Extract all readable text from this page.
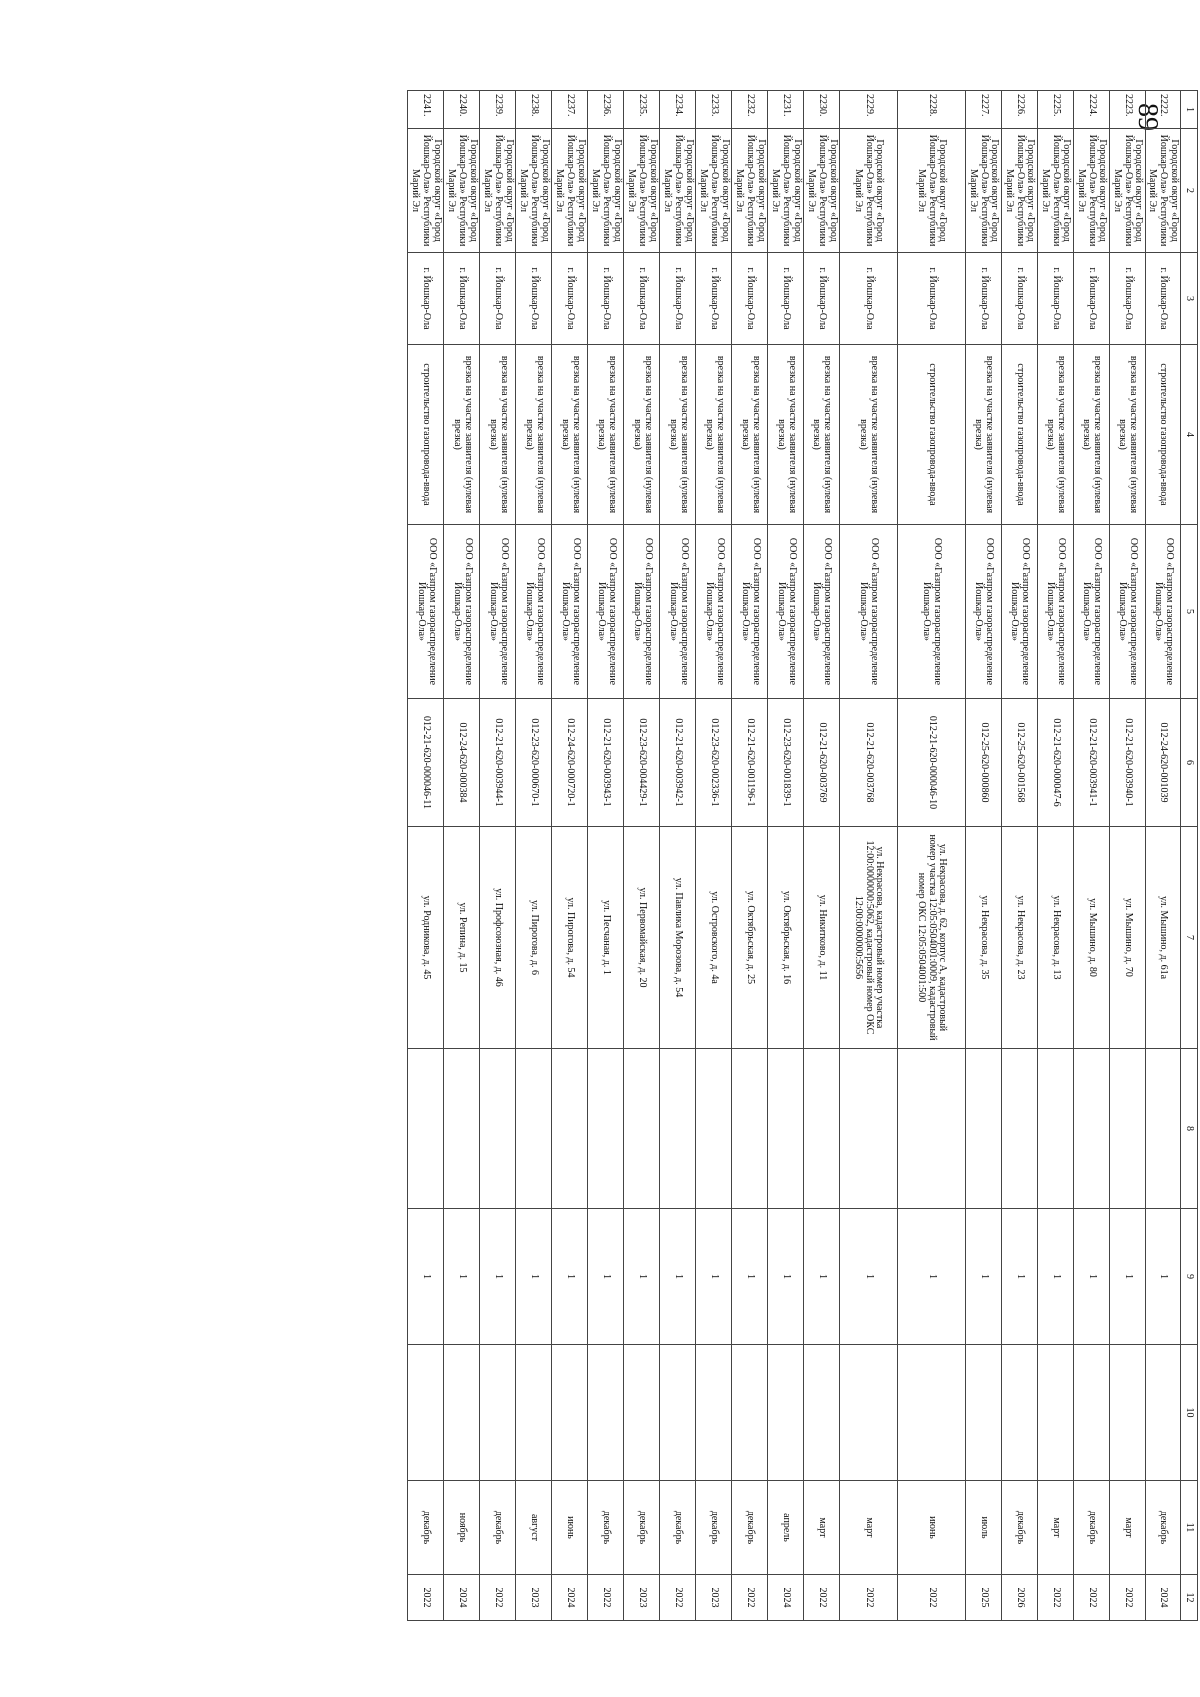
89 1	2	3	4	5	6	7	8	9	10	11	12
2222.	Городской округ «Город Йошкар-Ола» Республики Марий Эл	г. Йошкар-Ола	строительство газопровода-ввода	ООО «Газпром газораспределение Йошкар-Ола»	012-24-620-001039	ул. Мышино, д. 61а		1		декабрь	2024
2223.	Городской округ «Город Йошкар-Ола» Республики Марий Эл	г. Йошкар-Ола	врезка на участке заявителя (нулевая врезка)	ООО «Газпром газораспределение Йошкар-Ола»	012-21-620-003940-1	ул. Мышино, д. 70		1		март	2022
2224.	Городской округ «Город Йошкар-Ола» Республики Марий Эл	г. Йошкар-Ола	врезка на участке заявителя (нулевая врезка)	ООО «Газпром газораспределение Йошкар-Ола»	012-21-620-003941-1	ул. Мышино, д. 80		1		декабрь	2022
2225.	Городской округ «Город Йошкар-Ола» Республики Марий Эл	г. Йошкар-Ола	врезка на участке заявителя (нулевая врезка)	ООО «Газпром газораспределение Йошкар-Ола»	012-21-620-000047-6	ул. Некрасова, д. 13		1		март	2022
2226.	Городской округ «Город Йошкар-Ола» Республики Марий Эл	г. Йошкар-Ола	строительство газопровода-ввода	ООО «Газпром газораспределение Йошкар-Ола»	012-25-620-001568	ул. Некрасова, д. 23		1		декабрь	2026
2227.	Городской округ «Город Йошкар-Ола» Республики Марий Эл	г. Йошкар-Ола	врезка на участке заявителя (нулевая врезка)	ООО «Газпром газораспределение Йошкар-Ола»	012-25-620-000860	ул. Некрасова, д. 35		1		июль	2025
2228.	Городской округ «Город Йошкар-Ола» Республики Марий Эл	г. Йошкар-Ола	строительство газопровода-ввода	ООО «Газпром газораспределение Йошкар-Ола»	012-21-620-000046-10	ул. Некрасова, д. 62, корпус А, кадастровый номер участка 12:05:0504001:0009, кадастровый номер ОКС 12:05:0504001:500		1		июнь	2022
2229.	Городской округ «Город Йошкар-Ола» Республики Марий Эл	г. Йошкар-Ола	врезка на участке заявителя (нулевая врезка)	ООО «Газпром газораспределение Йошкар-Ола»	012-21-620-003768	ул. Некрасова, кадастровый номер участка 12:00:0000000:5062, кадастровый номер ОКС 12:00:0000000:5656		1		март	2022
2230.	Городской округ «Город Йошкар-Ола» Республики Марий Эл	г. Йошкар-Ола	врезка на участке заявителя (нулевая врезка)	ООО «Газпром газораспределение Йошкар-Ола»	012-21-620-003769	ул. Никитково, д. 11		1		март	2022
2231.	Городской округ «Город Йошкар-Ола» Республики Марий Эл	г. Йошкар-Ола	врезка на участке заявителя (нулевая врезка)	ООО «Газпром газораспределение Йошкар-Ола»	012-23-620-001839-1	ул. Октябрьская, д. 16		1		апрель	2024
2232.	Городской округ «Город Йошкар-Ола» Республики Марий Эл	г. Йошкар-Ола	врезка на участке заявителя (нулевая врезка)	ООО «Газпром газораспределение Йошкар-Ола»	012-21-620-001196-1	ул. Октябрьская, д. 25		1		декабрь	2022
2233.	Городской округ «Город Йошкар-Ола» Республики Марий Эл	г. Йошкар-Ола	врезка на участке заявителя (нулевая врезка)	ООО «Газпром газораспределение Йошкар-Ола»	012-23-620-002336-1	ул. Островского, д. 4а		1		декабрь	2023
2234.	Городской округ «Город Йошкар-Ола» Республики Марий Эл	г. Йошкар-Ола	врезка на участке заявителя (нулевая врезка)	ООО «Газпром газораспределение Йошкар-Ола»	012-21-620-003942-1	ул. Павлика Морозова, д. 54		1		декабрь	2022
2235.	Городской округ «Город Йошкар-Ола» Республики Марий Эл	г. Йошкар-Ола	врезка на участке заявителя (нулевая врезка)	ООО «Газпром газораспределение Йошкар-Ола»	012-23-620-004429-1	ул. Первомайская, д. 20		1		декабрь	2023
2236.	Городской округ «Город Йошкар-Ола» Республики Марий Эл	г. Йошкар-Ола	врезка на участке заявителя (нулевая врезка)	ООО «Газпром газораспределение Йошкар-Ола»	012-21-620-003943-1	ул. Песчаная, д. 1		1		декабрь	2022
2237.	Городской округ «Город Йошкар-Ола» Республики Марий Эл	г. Йошкар-Ола	врезка на участке заявителя (нулевая врезка)	ООО «Газпром газораспределение Йошкар-Ола»	012-24-620-000720-1	ул. Пирогова, д. 54		1		июнь	2024
2238.	Городской округ «Город Йошкар-Ола» Республики Марий Эл	г. Йошкар-Ола	врезка на участке заявителя (нулевая врезка)	ООО «Газпром газораспределение Йошкар-Ола»	012-23-620-000670-1	ул. Пирогова, д. 6		1		август	2023
2239.	Городской округ «Город Йошкар-Ола» Республики Марий Эл	г. Йошкар-Ола	врезка на участке заявителя (нулевая врезка)	ООО «Газпром газораспределение Йошкар-Ола»	012-21-620-003944-1	ул. Профсоюзная, д. 46		1		декабрь	2022
2240.	Городской округ «Город Йошкар-Ола» Республики Марий Эл	г. Йошкар-Ола	врезка на участке заявителя (нулевая врезка)	ООО «Газпром газораспределение Йошкар-Ола»	012-24-620-000384	ул. Репина, д. 15		1		ноябрь	2024
2241.	Городской округ «Город Йошкар-Ола» Республики Марий Эл	г. Йошкар-Ола	строительство газопровода-ввода	ООО «Газпром газораспределение Йошкар-Ола»	012-21-620-000046-11	ул. Родникова, д. 45		1		декабрь	2022
